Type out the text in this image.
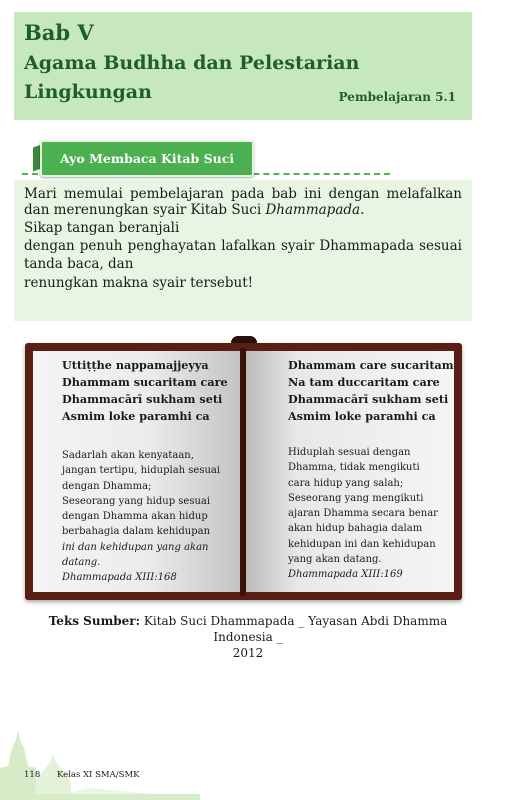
Bab V
Agama Budhha dan Pelestarian
Lingkungan	Pembelajaran 5.1
Ayo Membaca Kitab Suci

Mari memulai pembelajaran pada bab ini dengan melafalkan dan merenungkan syair Kitab Suci Dhammapada.

Sikap tangan beranjali

dengan penuh penghayatan lafalkan syair Dhammapada sesuai

tanda baca, dan

renungkan makna syair tersebut!

Uttiṭṭhe nappamajjeyya
Dhammam sucaritam care
Dhammacārī sukham seti
Asmim loke paramhi ca
Sadarlah akan kenyataan,
jangan tertipu, hiduplah sesuai
dengan Dhamma;
Seseorang yang hidup sesuai
dengan Dhamma akan hidup
berbahagia dalam kehidupan
ini dan kehidupan yang akan
datang.
Dhammapada XIII:168
Dhammam care sucaritam
Na tam duccaritam care
Dhammacārī sukham seti
Asmim loke paramhi ca
Hiduplah sesuai dengan
Dhamma, tidak mengikuti
cara hidup yang salah;
Seseorang yang mengikuti
ajaran Dhamma secara benar
akan hidup bahagia dalam
kehidupan ini dan kehidupan
yang akan datang.
Dhammapada XIII:169
Teks Sumber: Kitab Suci Dhammapada _ Yayasan Abdi Dhamma Indonesia _
2012
118 Kelas XI SMA/SMK
